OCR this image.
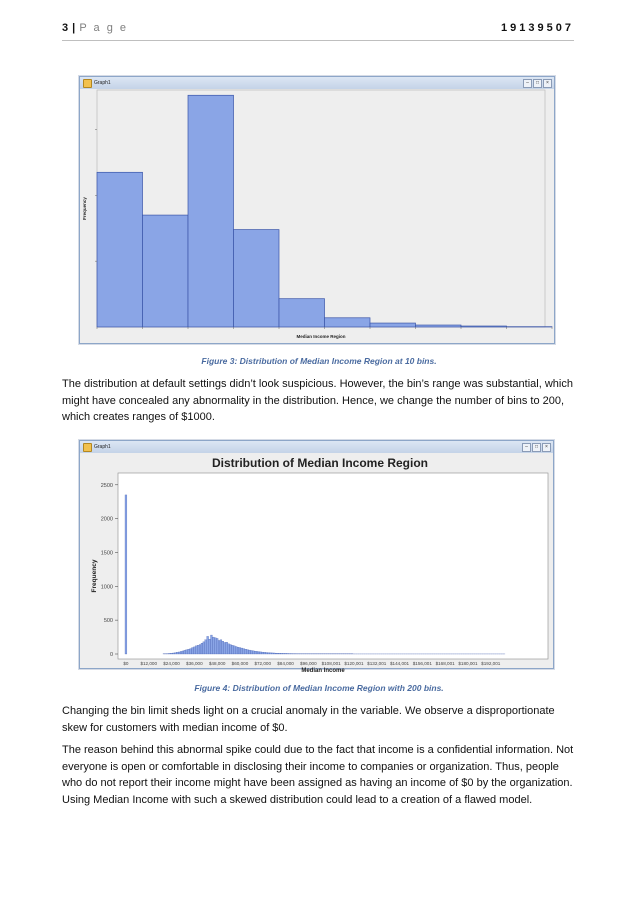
3 | P a g e	19139507
Graph1	–	□	×
Median Income Region
Frequency
Figure 3: Distribution of Median Income Region at 10 bins.
The distribution at default settings didn’t look suspicious. However, the bin’s range was substantial, which might have concealed any abnormality in the distribution. Hence, we change the number of bins to 200, which creates ranges of $1000.
Graph1	–	□	×
Distribution of Median Income Region
0
500
1000
1500
2000
2500
$0	$12,000 $24,000 $36,000 $48,000 $60,000 $72,000 $84,000 $96,000 $108,001 $120,001 $132,001 $144,001 $156,001 $168,001 $180,001 $192,001
Median Income
Frequency
Figure 4: Distribution of Median Income Region with 200 bins.
Changing the bin limit sheds light on a crucial anomaly in the variable. We observe a disproportionate skew for customers with median income of $0.
The reason behind this abnormal spike could due to the fact that income is a confidential information. Not everyone is open or comfortable in disclosing their income to companies or organization. Thus, people who do not report their income might have been assigned as having an income of $0 by the organization. Using Median Income with such a skewed distribution could lead to a creation of a flawed model.
